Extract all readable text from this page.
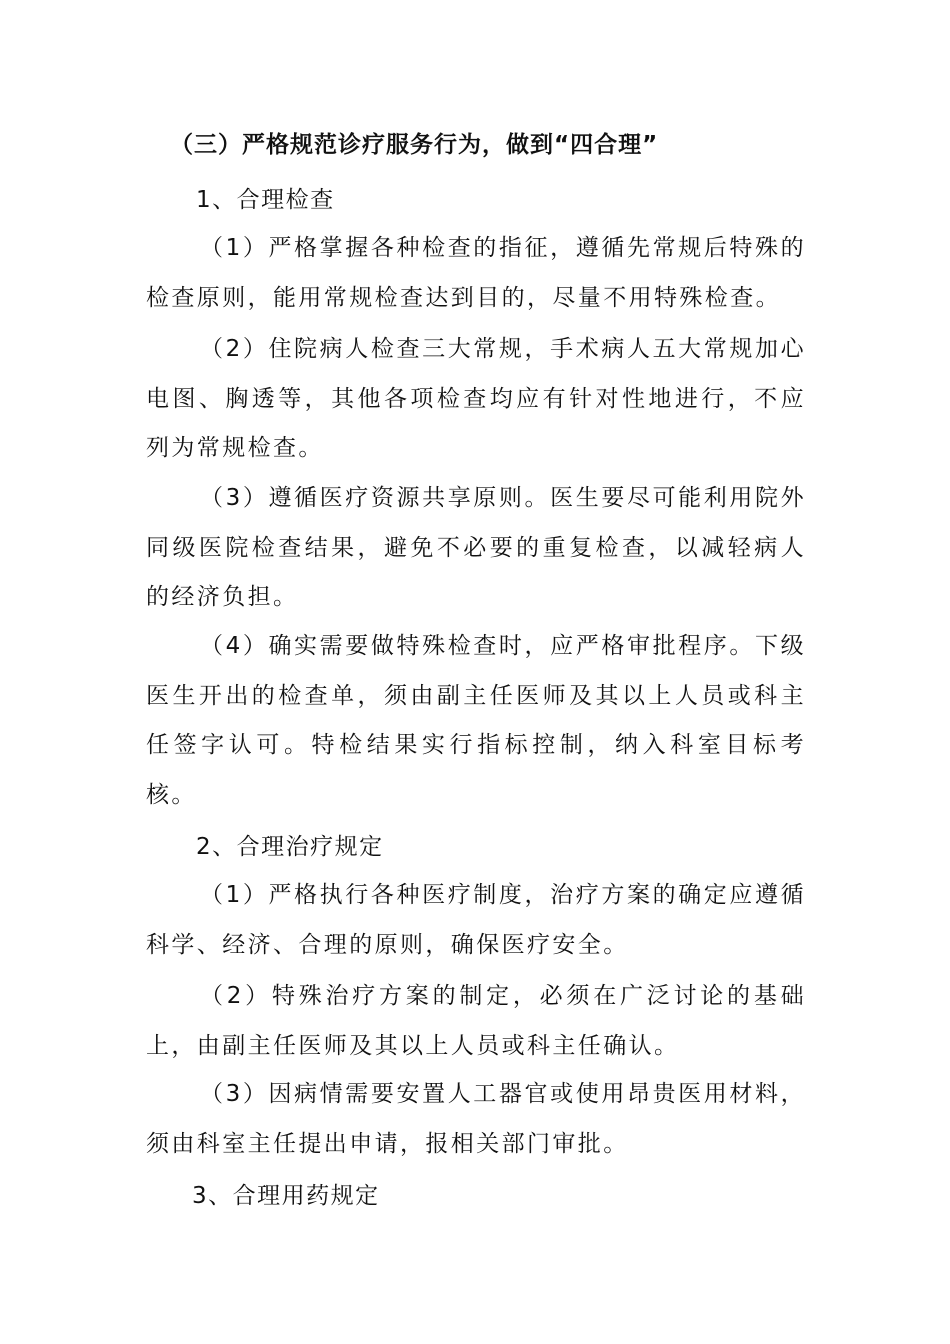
（三）严格规范诊疗服务行为，做到“四合理”
1、合理检查
（1）严格掌握各种检查的指征，遵循先常规后特殊的检查原则，能用常规检查达到目的，尽量不用特殊检查。
（2）住院病人检查三大常规，手术病人五大常规加心电图、胸透等，其他各项检查均应有针对性地进行，不应列为常规检查。
（3）遵循医疗资源共享原则。医生要尽可能利用院外同级医院检查结果，避免不必要的重复检查，以减轻病人的经济负担。
（4）确实需要做特殊检查时，应严格审批程序。下级医生开出的检查单，须由副主任医师及其以上人员或科主任签字认可。特检结果实行指标控制，纳入科室目标考核。
2、合理治疗规定
（1）严格执行各种医疗制度，治疗方案的确定应遵循科学、经济、合理的原则，确保医疗安全。
（2）特殊治疗方案的制定，必须在广泛讨论的基础上，由副主任医师及其以上人员或科主任确认。
（3）因病情需要安置人工器官或使用昂贵医用材料，须由科室主任提出申请，报相关部门审批。
3、合理用药规定
